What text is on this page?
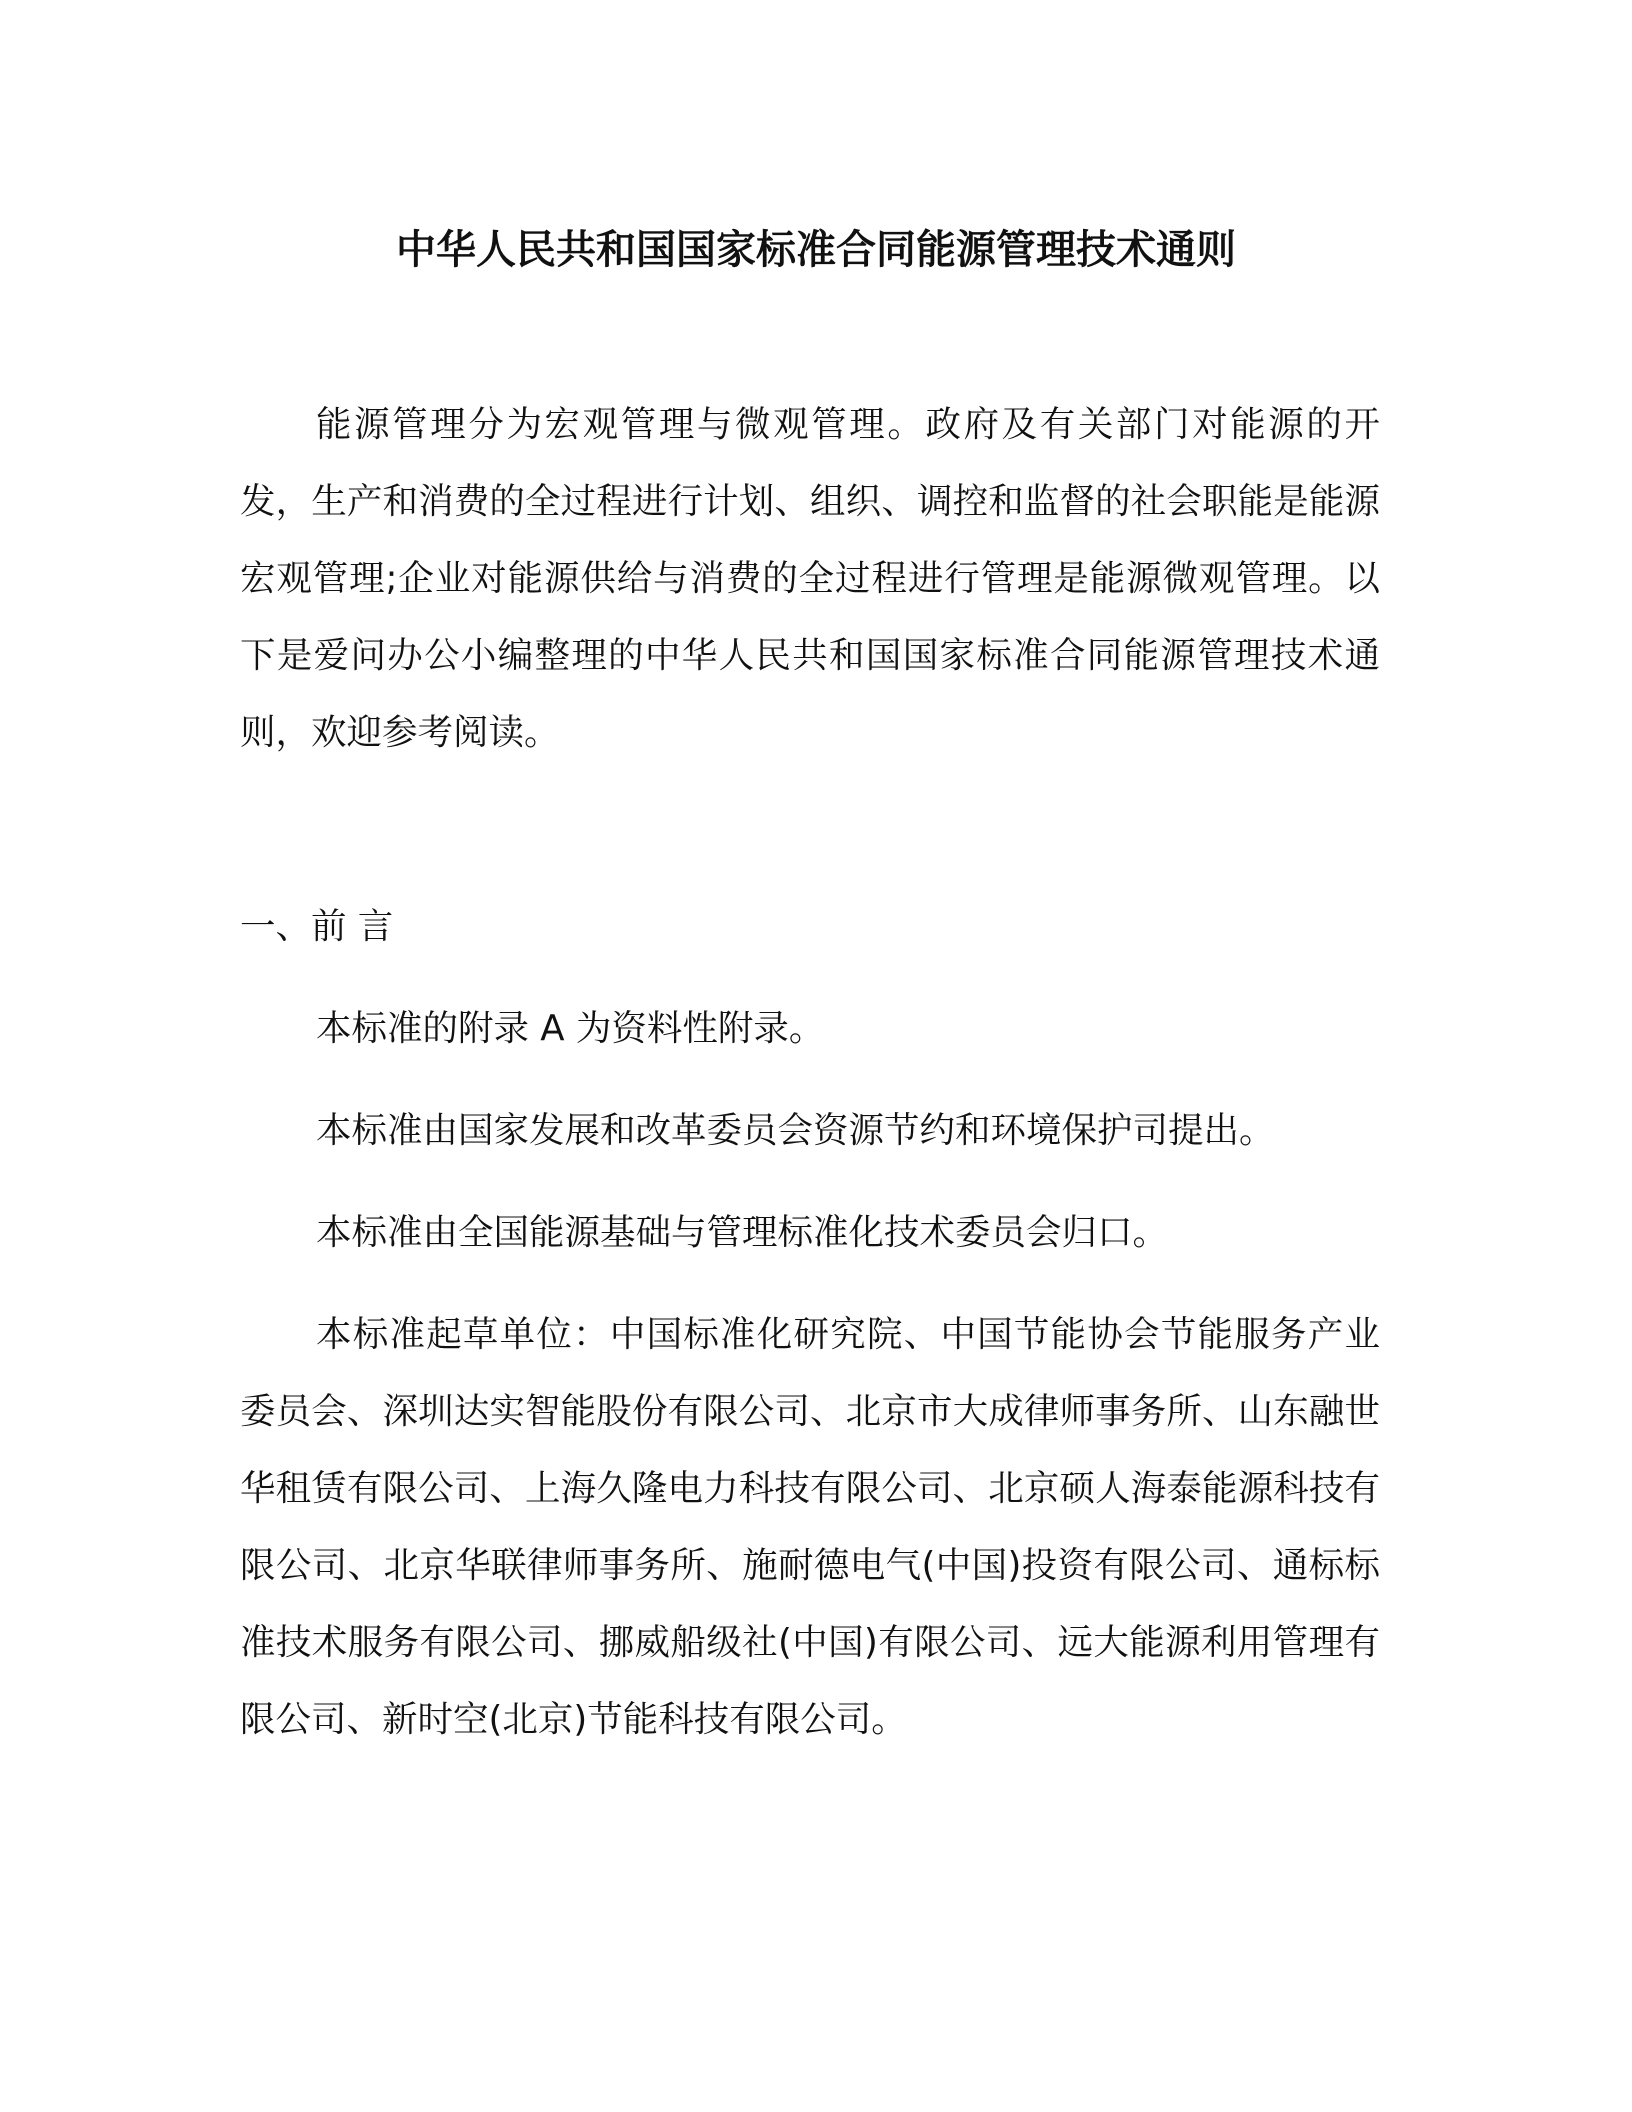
中华人民共和国国家标准合同能源管理技术通则

能源管理分为宏观管理与微观管理。政府及有关部门对能源的开发，生产和消费的全过程进行计划、组织、调控和监督的社会职能是能源宏观管理;企业对能源供给与消费的全过程进行管理是能源微观管理。以下是爱问办公小编整理的中华人民共和国国家标准合同能源管理技术通则，欢迎参考阅读。

一、前 言

本标准的附录 A 为资料性附录。

本标准由国家发展和改革委员会资源节约和环境保护司提出。

本标准由全国能源基础与管理标准化技术委员会归口。

本标准起草单位：中国标准化研究院、中国节能协会节能服务产业委员会、深圳达实智能股份有限公司、北京市大成律师事务所、山东融世华租赁有限公司、上海久隆电力科技有限公司、北京硕人海泰能源科技有限公司、北京华联律师事务所、施耐德电气(中国)投资有限公司、通标标准技术服务有限公司、挪威船级社(中国)有限公司、远大能源利用管理有限公司、新时空(北京)节能科技有限公司。
